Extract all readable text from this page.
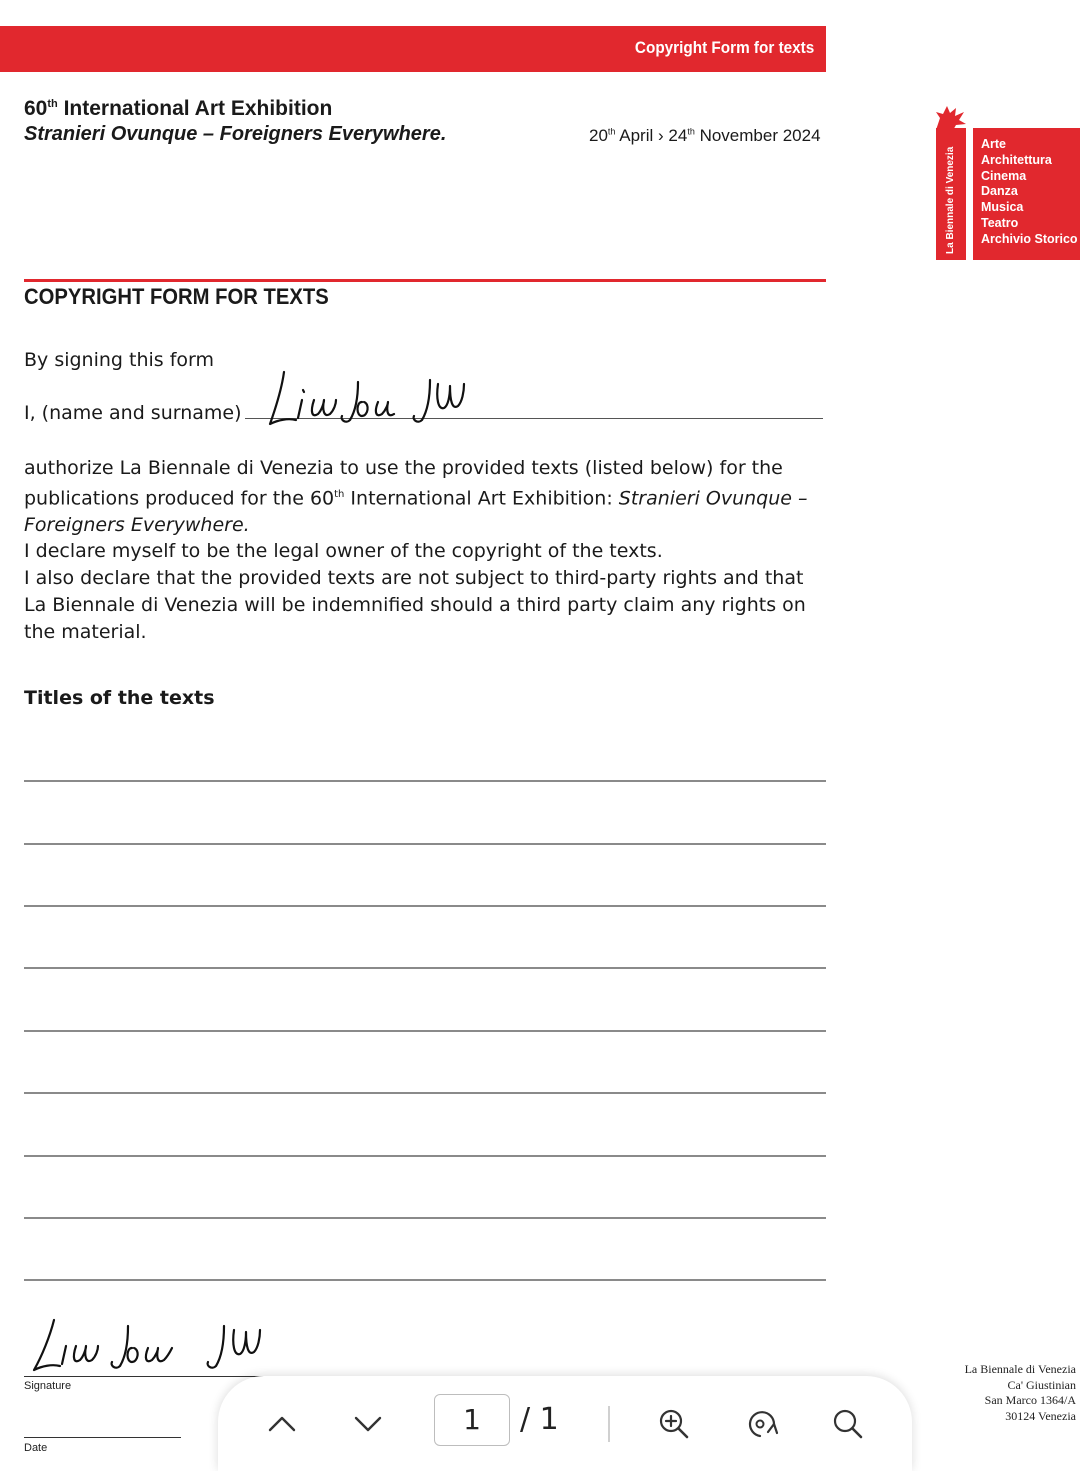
Copyright Form for texts
60th International Art Exhibition
Stranieri Ovunque – Foreigners Everywhere.	20th April › 24th November 2024
La Biennale di Venezia
Arte
Architettura
Cinema
Danza
Musica
Teatro
Archivio Storico
COPYRIGHT FORM FOR TEXTS
By signing this form
I, (name and surname)

authorize La Biennale di Venezia to use the provided texts (listed below) for the publications produced for the 60th International Art Exhibition: Stranieri Ovunque – Foreigners Everywhere.

I declare myself to be the legal owner of the copyright of the texts.

I also declare that the provided texts are not subject to third-party rights and that La Biennale di Venezia will be indemnified should a third party claim any rights on the material.

Titles of the texts
Signature
Date
La Biennale di Venezia
Ca' Giustinian
San Marco 1364/A
30124 Venezia
1	/ 1
